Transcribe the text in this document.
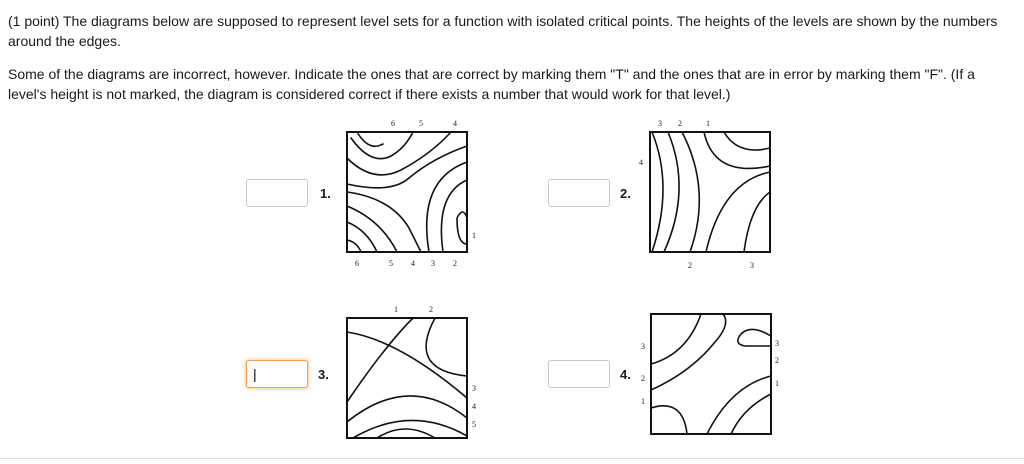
(1 point) The diagrams below are supposed to represent level sets for a function with isolated critical points. The heights of the levels are shown by the numbers around the edges.

Some of the diagrams are incorrect, however. Indicate the ones that are correct by marking them "T" and the ones that are in error by marking them "F". (If a level's height is not marked, the diagram is considered correct if there exists a number that would work for that level.)

1.
6	5	4
6	5 4 3 2
1
2.
3 2	1
4
2	3
|
3.
1	2
3
4
5
4.
3
2
1
3
2
1
